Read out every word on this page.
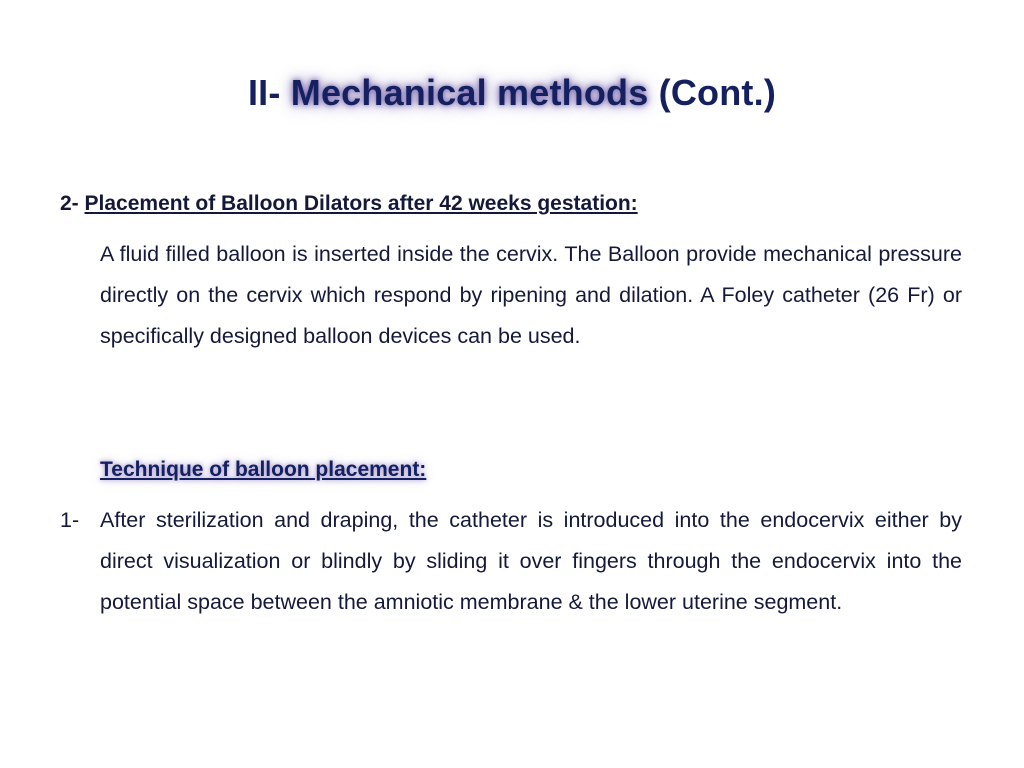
II- Mechanical methods (Cont.)
2- Placement of Balloon Dilators after 42 weeks gestation:
A fluid filled balloon is inserted inside the cervix. The Balloon provide mechanical pressure directly on the cervix which respond by ripening and dilation. A Foley catheter (26 Fr) or specifically designed balloon devices can be used.
Technique of balloon placement:
1- After sterilization and draping, the catheter is introduced into the endocervix either by direct visualization or blindly by sliding it over fingers through the endocervix into the potential space between the amniotic membrane & the lower uterine segment.
